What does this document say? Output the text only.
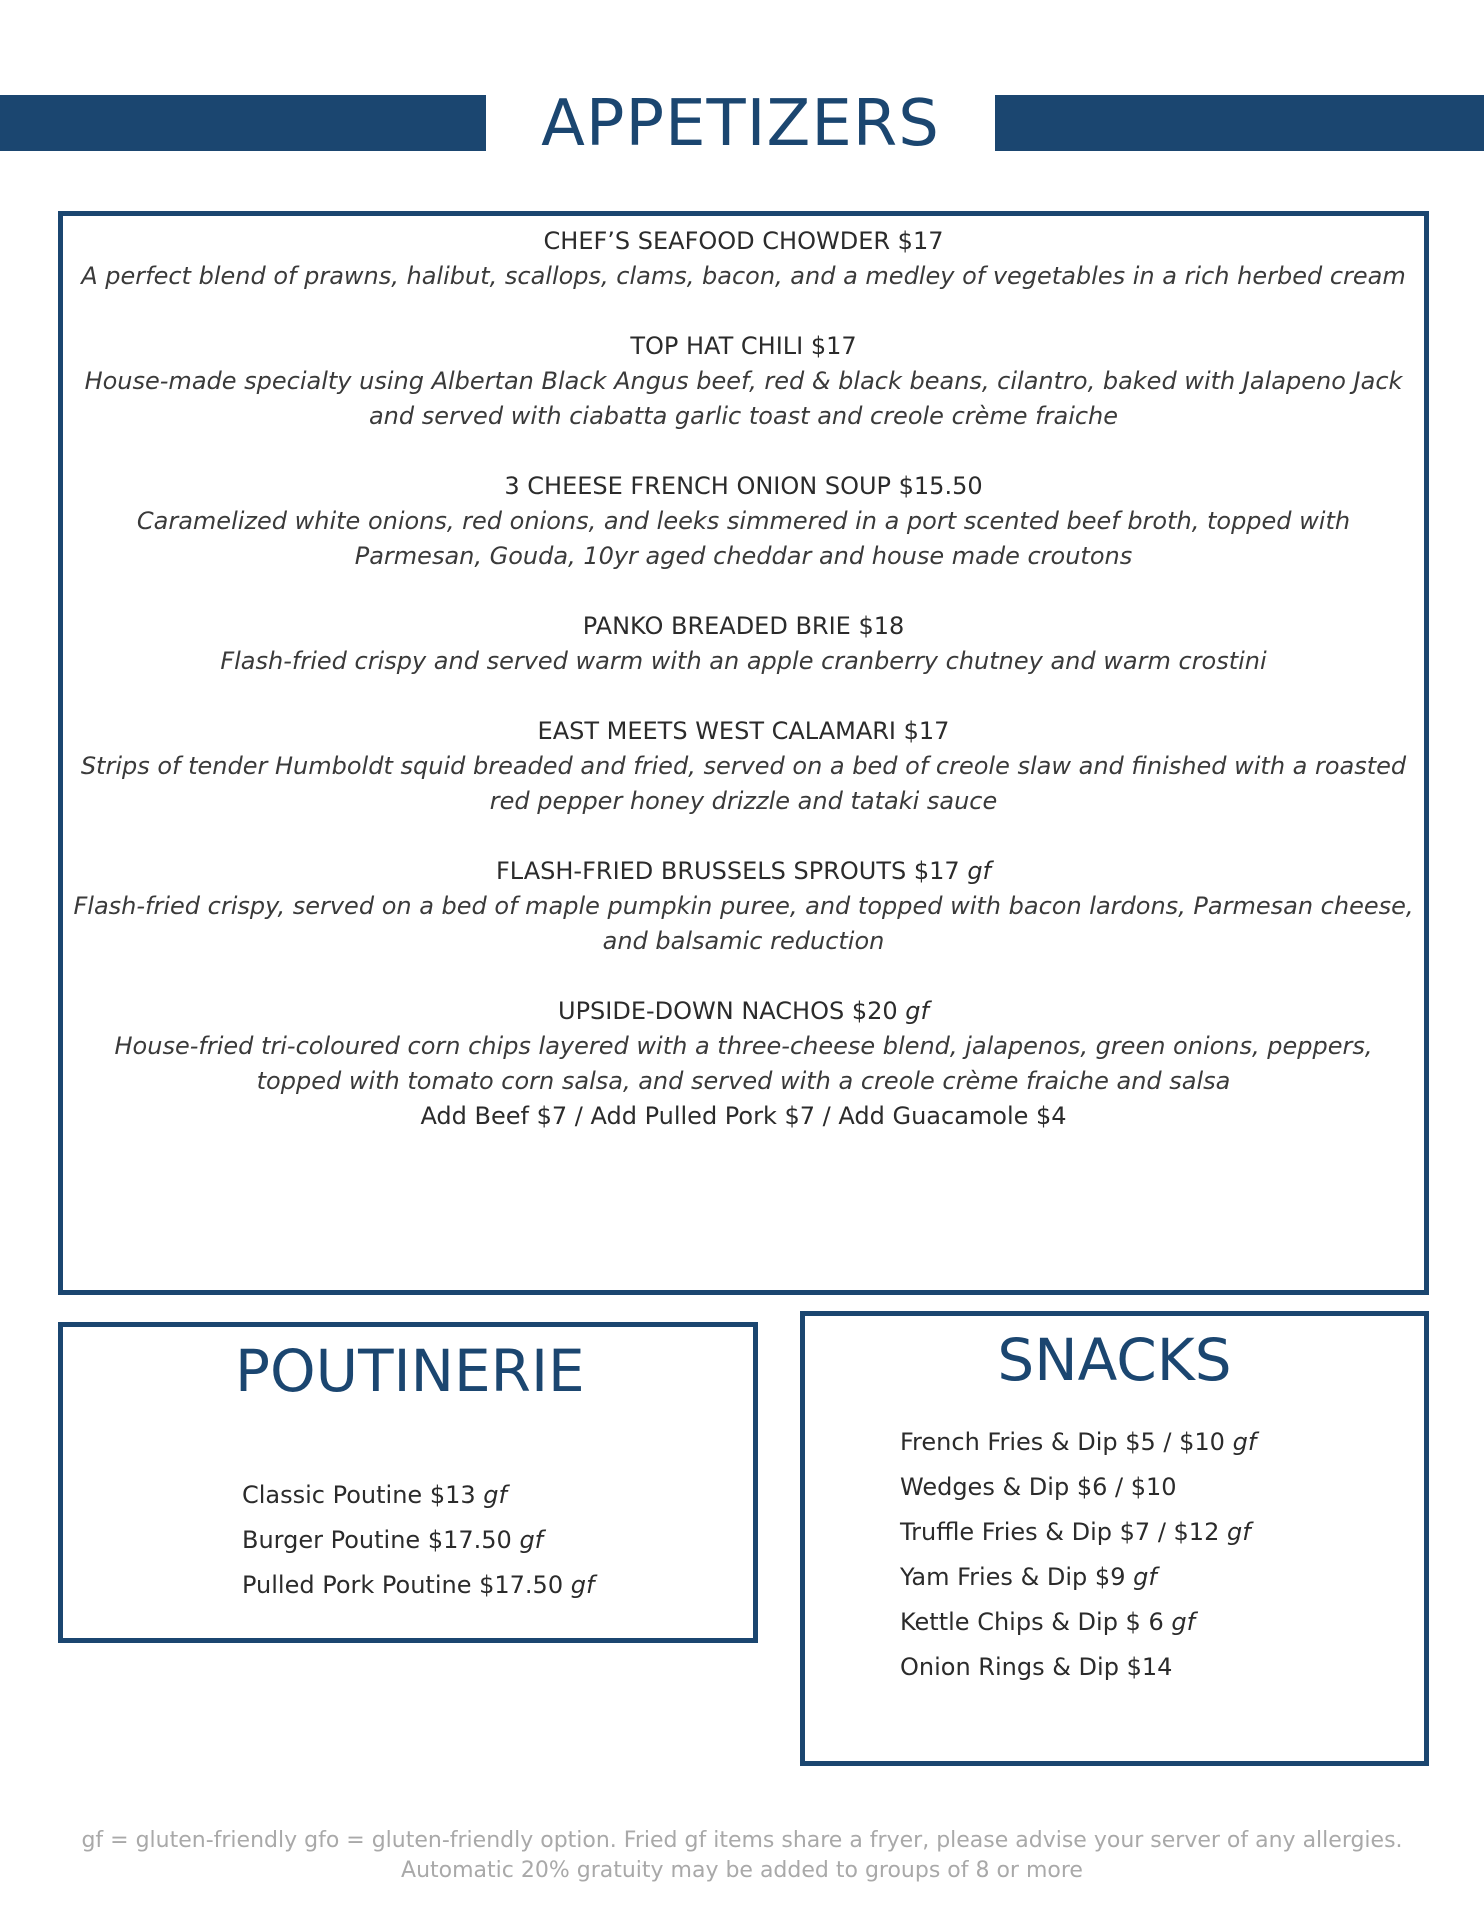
APPETIZERS
CHEF’S SEAFOOD CHOWDER $17
A perfect blend of prawns, halibut, scallops, clams, bacon, and a medley of vegetables in a rich herbed cream
TOP HAT CHILI $17
House-made specialty using Albertan Black Angus beef, red & black beans, cilantro, baked with Jalapeno Jack and served with ciabatta garlic toast and creole crème fraiche
3 CHEESE FRENCH ONION SOUP $15.50
Caramelized white onions, red onions, and leeks simmered in a port scented beef broth, topped with Parmesan, Gouda, 10yr aged cheddar and house made croutons
PANKO BREADED BRIE $18
Flash-fried crispy and served warm with an apple cranberry chutney and warm crostini
EAST MEETS WEST CALAMARI $17
Strips of tender Humboldt squid breaded and fried, served on a bed of creole slaw and finished with a roasted red pepper honey drizzle and tataki sauce
FLASH-FRIED BRUSSELS SPROUTS $17 gf
Flash-fried crispy, served on a bed of maple pumpkin puree, and topped with bacon lardons, Parmesan cheese, and balsamic reduction
UPSIDE-DOWN NACHOS $20 gf
House-fried tri-coloured corn chips layered with a three-cheese blend, jalapenos, green onions, peppers, topped with tomato corn salsa, and served with a creole crème fraiche and salsa
Add Beef $7 / Add Pulled Pork $7 / Add Guacamole $4
POUTINERIE
Classic Poutine $13 gf
Burger Poutine $17.50 gf
Pulled Pork Poutine $17.50 gf
SNACKS
French Fries & Dip $5 / $10 gf
Wedges & Dip $6 / $10
Truffle Fries & Dip $7 / $12 gf
Yam Fries & Dip $9 gf
Kettle Chips & Dip $ 6 gf
Onion Rings & Dip $14
gf = gluten-friendly gfo = gluten-friendly option. Fried gf items share a fryer, please advise your server of any allergies.
Automatic 20% gratuity may be added to groups of 8 or more
